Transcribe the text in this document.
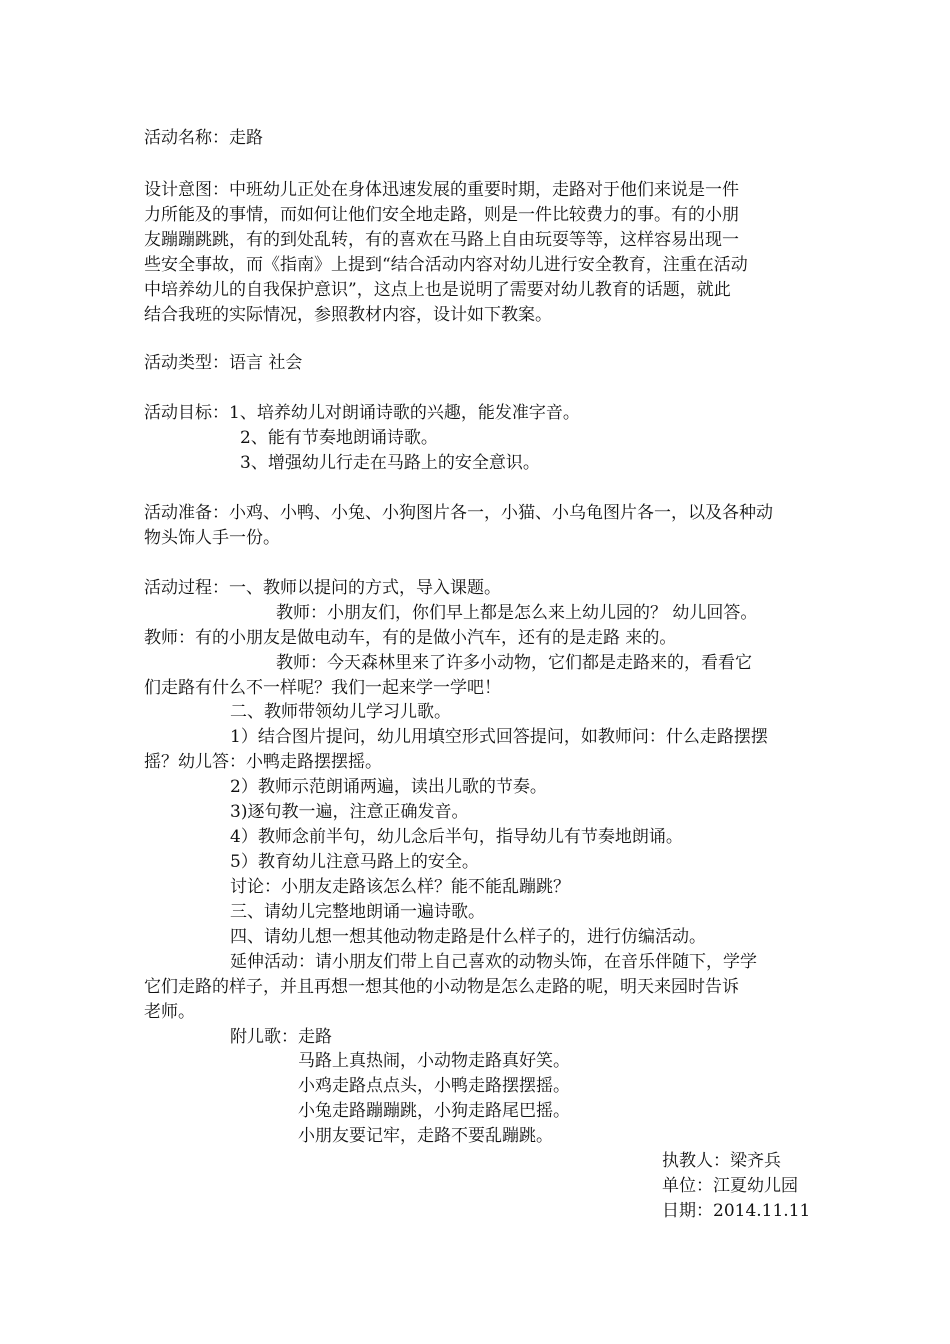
活动名称：走路
设计意图：中班幼儿正处在身体迅速发展的重要时期，走路对于他们来说是一件
力所能及的事情，而如何让他们安全地走路，则是一件比较费力的事。有的小朋
友蹦蹦跳跳，有的到处乱转，有的喜欢在马路上自由玩耍等等，这样容易出现一
些安全事故，而《指南》上提到“结合活动内容对幼儿进行安全教育，注重在活动
中培养幼儿的自我保护意识”，这点上也是说明了需要对幼儿教育的话题，就此
结合我班的实际情况，参照教材内容，设计如下教案。
活动类型：语言 社会
活动目标：1、培养幼儿对朗诵诗歌的兴趣，能发准字音。
2、能有节奏地朗诵诗歌。
3、增强幼儿行走在马路上的安全意识。
活动准备：小鸡、小鸭、小兔、小狗图片各一，小猫、小乌龟图片各一，以及各种动
物头饰人手一份。
活动过程：一、教师以提问的方式，导入课题。
教师：小朋友们，你们早上都是怎么来上幼儿园的？ 幼儿回答。
教师：有的小朋友是做电动车，有的是做小汽车，还有的是走路 来的。
教师：今天森林里来了许多小动物，它们都是走路来的，看看它
们走路有什么不一样呢？我们一起来学一学吧！
二、教师带领幼儿学习儿歌。
1）结合图片提问，幼儿用填空形式回答提问，如教师问：什么走路摆摆
摇？幼儿答：小鸭走路摆摆摇。
2）教师示范朗诵两遍，读出儿歌的节奏。
3)逐句教一遍，注意正确发音。
4）教师念前半句，幼儿念后半句，指导幼儿有节奏地朗诵。
5）教育幼儿注意马路上的安全。
讨论：小朋友走路该怎么样？能不能乱蹦跳？
三、请幼儿完整地朗诵一遍诗歌。
四、请幼儿想一想其他动物走路是什么样子的，进行仿编活动。
延伸活动：请小朋友们带上自己喜欢的动物头饰，在音乐伴随下，学学
它们走路的样子，并且再想一想其他的小动物是怎么走路的呢，明天来园时告诉
老师。
附儿歌：走路
马路上真热闹，小动物走路真好笑。
小鸡走路点点头，小鸭走路摆摆摇。
小兔走路蹦蹦跳，小狗走路尾巴摇。
小朋友要记牢，走路不要乱蹦跳。
执教人：梁齐兵
单位：江夏幼儿园
日期：2014.11.11
